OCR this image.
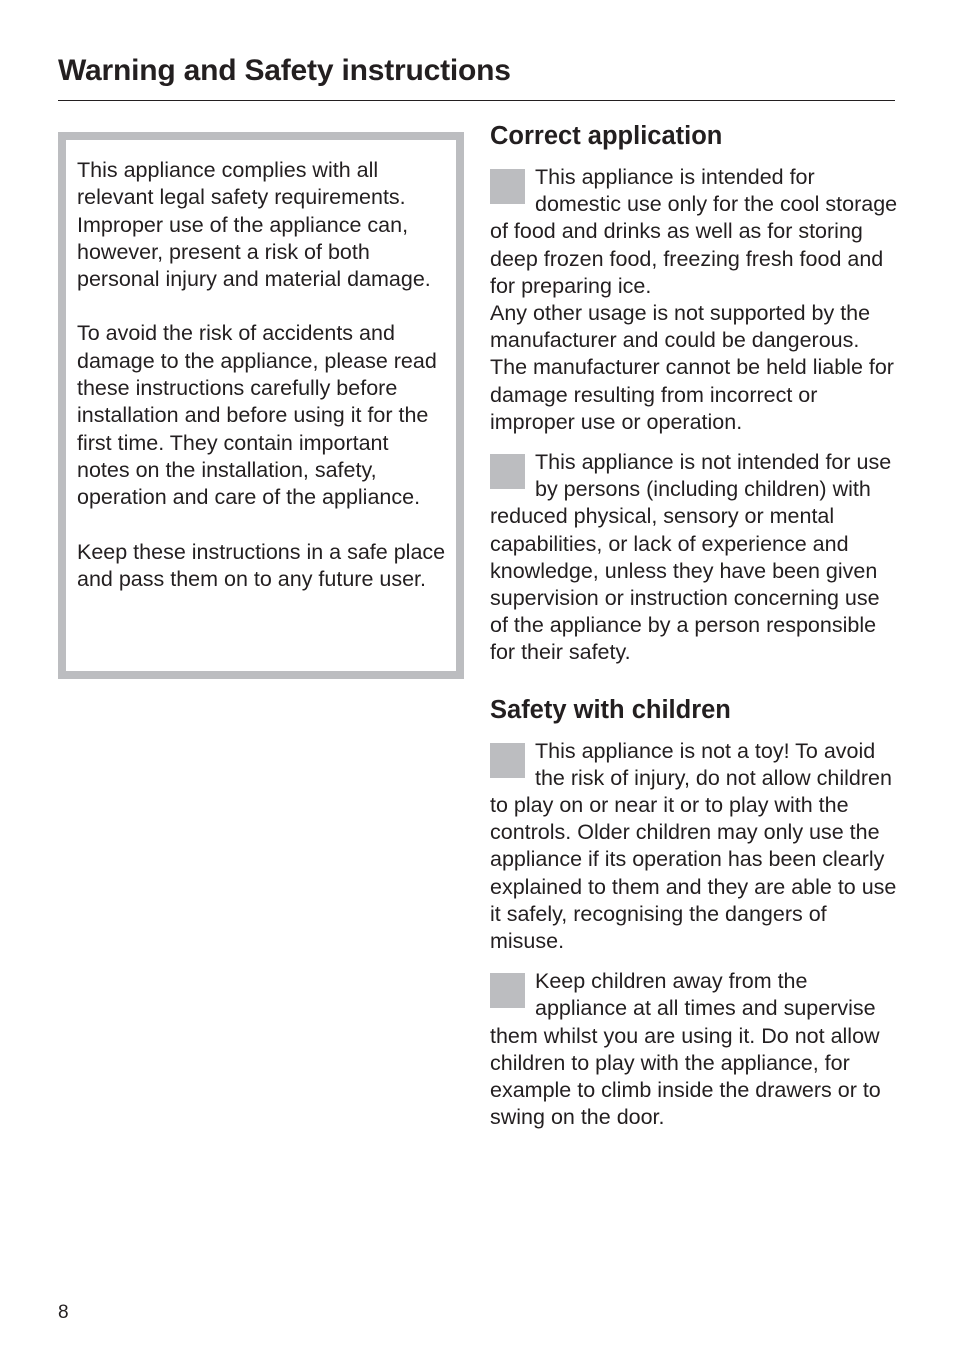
Warning and Safety instructions

This appliance complies with all relevant legal safety requirements. Improper use of the appliance can, however, present a risk of both personal injury and material damage.

To avoid the risk of accidents and damage to the appliance, please read these instructions carefully before installation and before using it for the first time. They contain important notes on the installation, safety, operation and care of the appliance.

Keep these instructions in a safe place and pass them on to any future user.

Correct application

This appliance is intended for domestic use only for the cool storage of food and drinks as well as for storing deep frozen food, freezing fresh food and for preparing ice.
Any other usage is not supported by the manufacturer and could be dangerous. The manufacturer cannot be held liable for damage resulting from incorrect or improper use or operation.

This appliance is not intended for use by persons (including children) with reduced physical, sensory or mental capabilities, or lack of experience and knowledge, unless they have been given supervision or instruction concerning use of the appliance by a person responsible for their safety.

Safety with children

This appliance is not a toy! To avoid the risk of injury, do not allow children to play on or near it or to play with the controls. Older children may only use the appliance if its operation has been clearly explained to them and they are able to use it safely, recognising the dangers of misuse.

Keep children away from the appliance at all times and supervise them whilst you are using it. Do not allow children to play with the appliance, for example to climb inside the drawers or to swing on the door.

8
